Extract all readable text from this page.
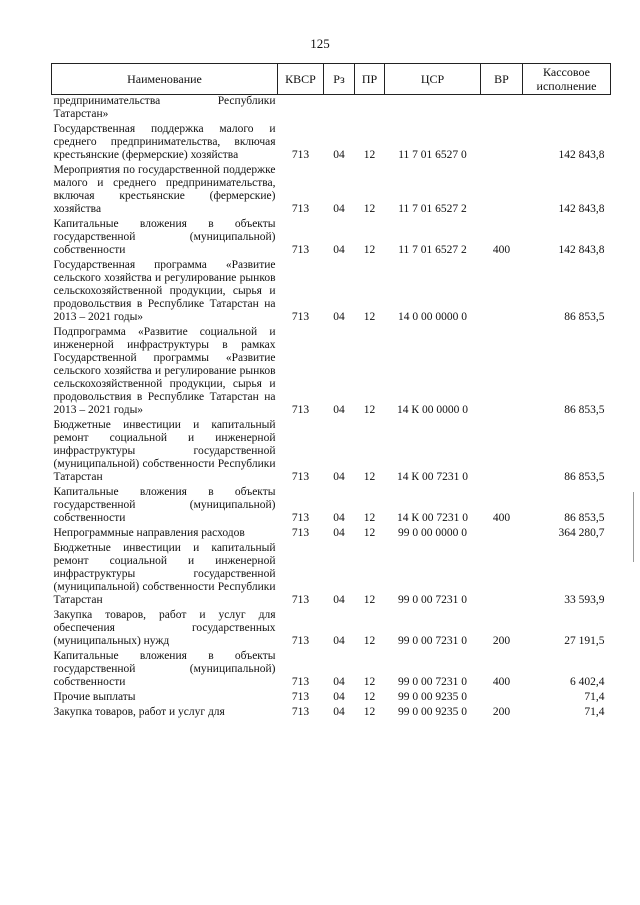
125
Наименование	КВСР	Рз	ПР	ЦСР	ВР	Кассовое исполнение
предпринимательства Республики Татарстан»						
Государственная поддержка малого и среднего предпринимательства, включая крестьянские (фермерские) хозяйства	713	04	12	11 7 01 6527 0		142 843,8
Мероприятия по государственной поддержке малого и среднего предпринимательства, включая крестьянские (фермерские) хозяйства	713	04	12	11 7 01 6527 2		142 843,8
Капитальные вложения в объекты государственной (муниципальной) собственности	713	04	12	11 7 01 6527 2	400	142 843,8
Государственная программа «Развитие сельского хозяйства и регулирование рынков сельскохозяйственной продукции, сырья и продовольствия в Республике Татарстан на 2013 – 2021 годы»	713	04	12	14 0 00 0000 0		86 853,5
Подпрограмма «Развитие социальной и инженерной инфраструктуры в рамках Государственной программы «Развитие сельского хозяйства и регулирование рынков сельскохозяйственной продукции, сырья и продовольствия в Республике Татарстан на 2013 – 2021 годы»	713	04	12	14 К 00 0000 0		86 853,5
Бюджетные инвестиции и капитальный ремонт социальной и инженерной инфраструктуры государственной (муниципальной) собственности Республики Татарстан	713	04	12	14 К 00 7231 0		86 853,5
Капитальные вложения в объекты государственной (муниципальной) собственности	713	04	12	14 К 00 7231 0	400	86 853,5
Непрограммные направления расходов	713	04	12	99 0 00 0000 0		364 280,7
Бюджетные инвестиции и капитальный ремонт социальной и инженерной инфраструктуры государственной (муниципальной) собственности Республики Татарстан	713	04	12	99 0 00 7231 0		33 593,9
Закупка товаров, работ и услуг для обеспечения государственных (муниципальных) нужд	713	04	12	99 0 00 7231 0	200	27 191,5
Капитальные вложения в объекты государственной (муниципальной) собственности	713	04	12	99 0 00 7231 0	400	6 402,4
Прочие выплаты	713	04	12	99 0 00 9235 0		71,4
Закупка товаров, работ и услуг для	713	04	12	99 0 00 9235 0	200	71,4
